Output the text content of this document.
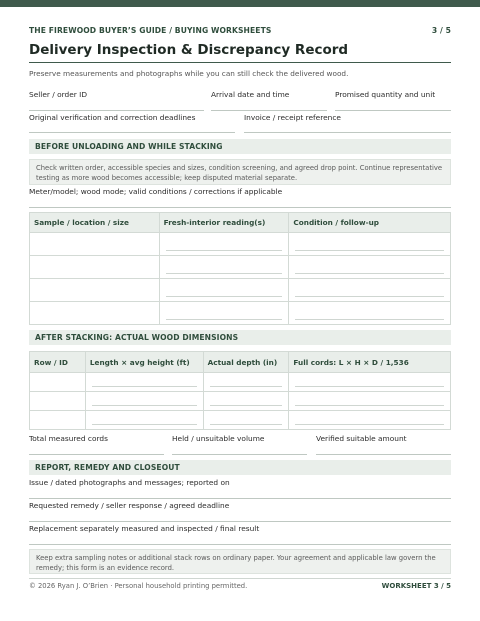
THE FIREWOOD BUYER’S GUIDE / BUYING WORKSHEETS	3 / 5
Delivery Inspection & Discrepancy Record
Preserve measurements and photographs while you can still check the delivered wood.
Seller / order ID	Arrival date and time	Promised quantity and unit
Original verification and correction deadlines	Invoice / receipt reference
BEFORE UNLOADING AND WHILE STACKING
Check written order, accessible species and sizes, condition screening, and agreed drop point. Continue representative testing as more wood becomes accessible; keep disputed material separate.
Meter/model; wood mode; valid conditions / corrections if applicable
Sample / location / size	Fresh-interior reading(s)	Condition / follow-up

AFTER STACKING: ACTUAL WOOD DIMENSIONS
Row / ID	Length × avg height (ft)	Actual depth (in)	Full cords: L × H × D / 1,536

Total measured cords	Held / unsuitable volume	Verified suitable amount
REPORT, REMEDY AND CLOSEOUT
Issue / dated photographs and messages; reported on
Requested remedy / seller response / agreed deadline
Replacement separately measured and inspected / final result
Keep extra sampling notes or additional stack rows on ordinary paper. Your agreement and applicable law govern the remedy; this form is an evidence record.
© 2026 Ryan J. O’Brien · Personal household printing permitted.	WORKSHEET 3 / 5
